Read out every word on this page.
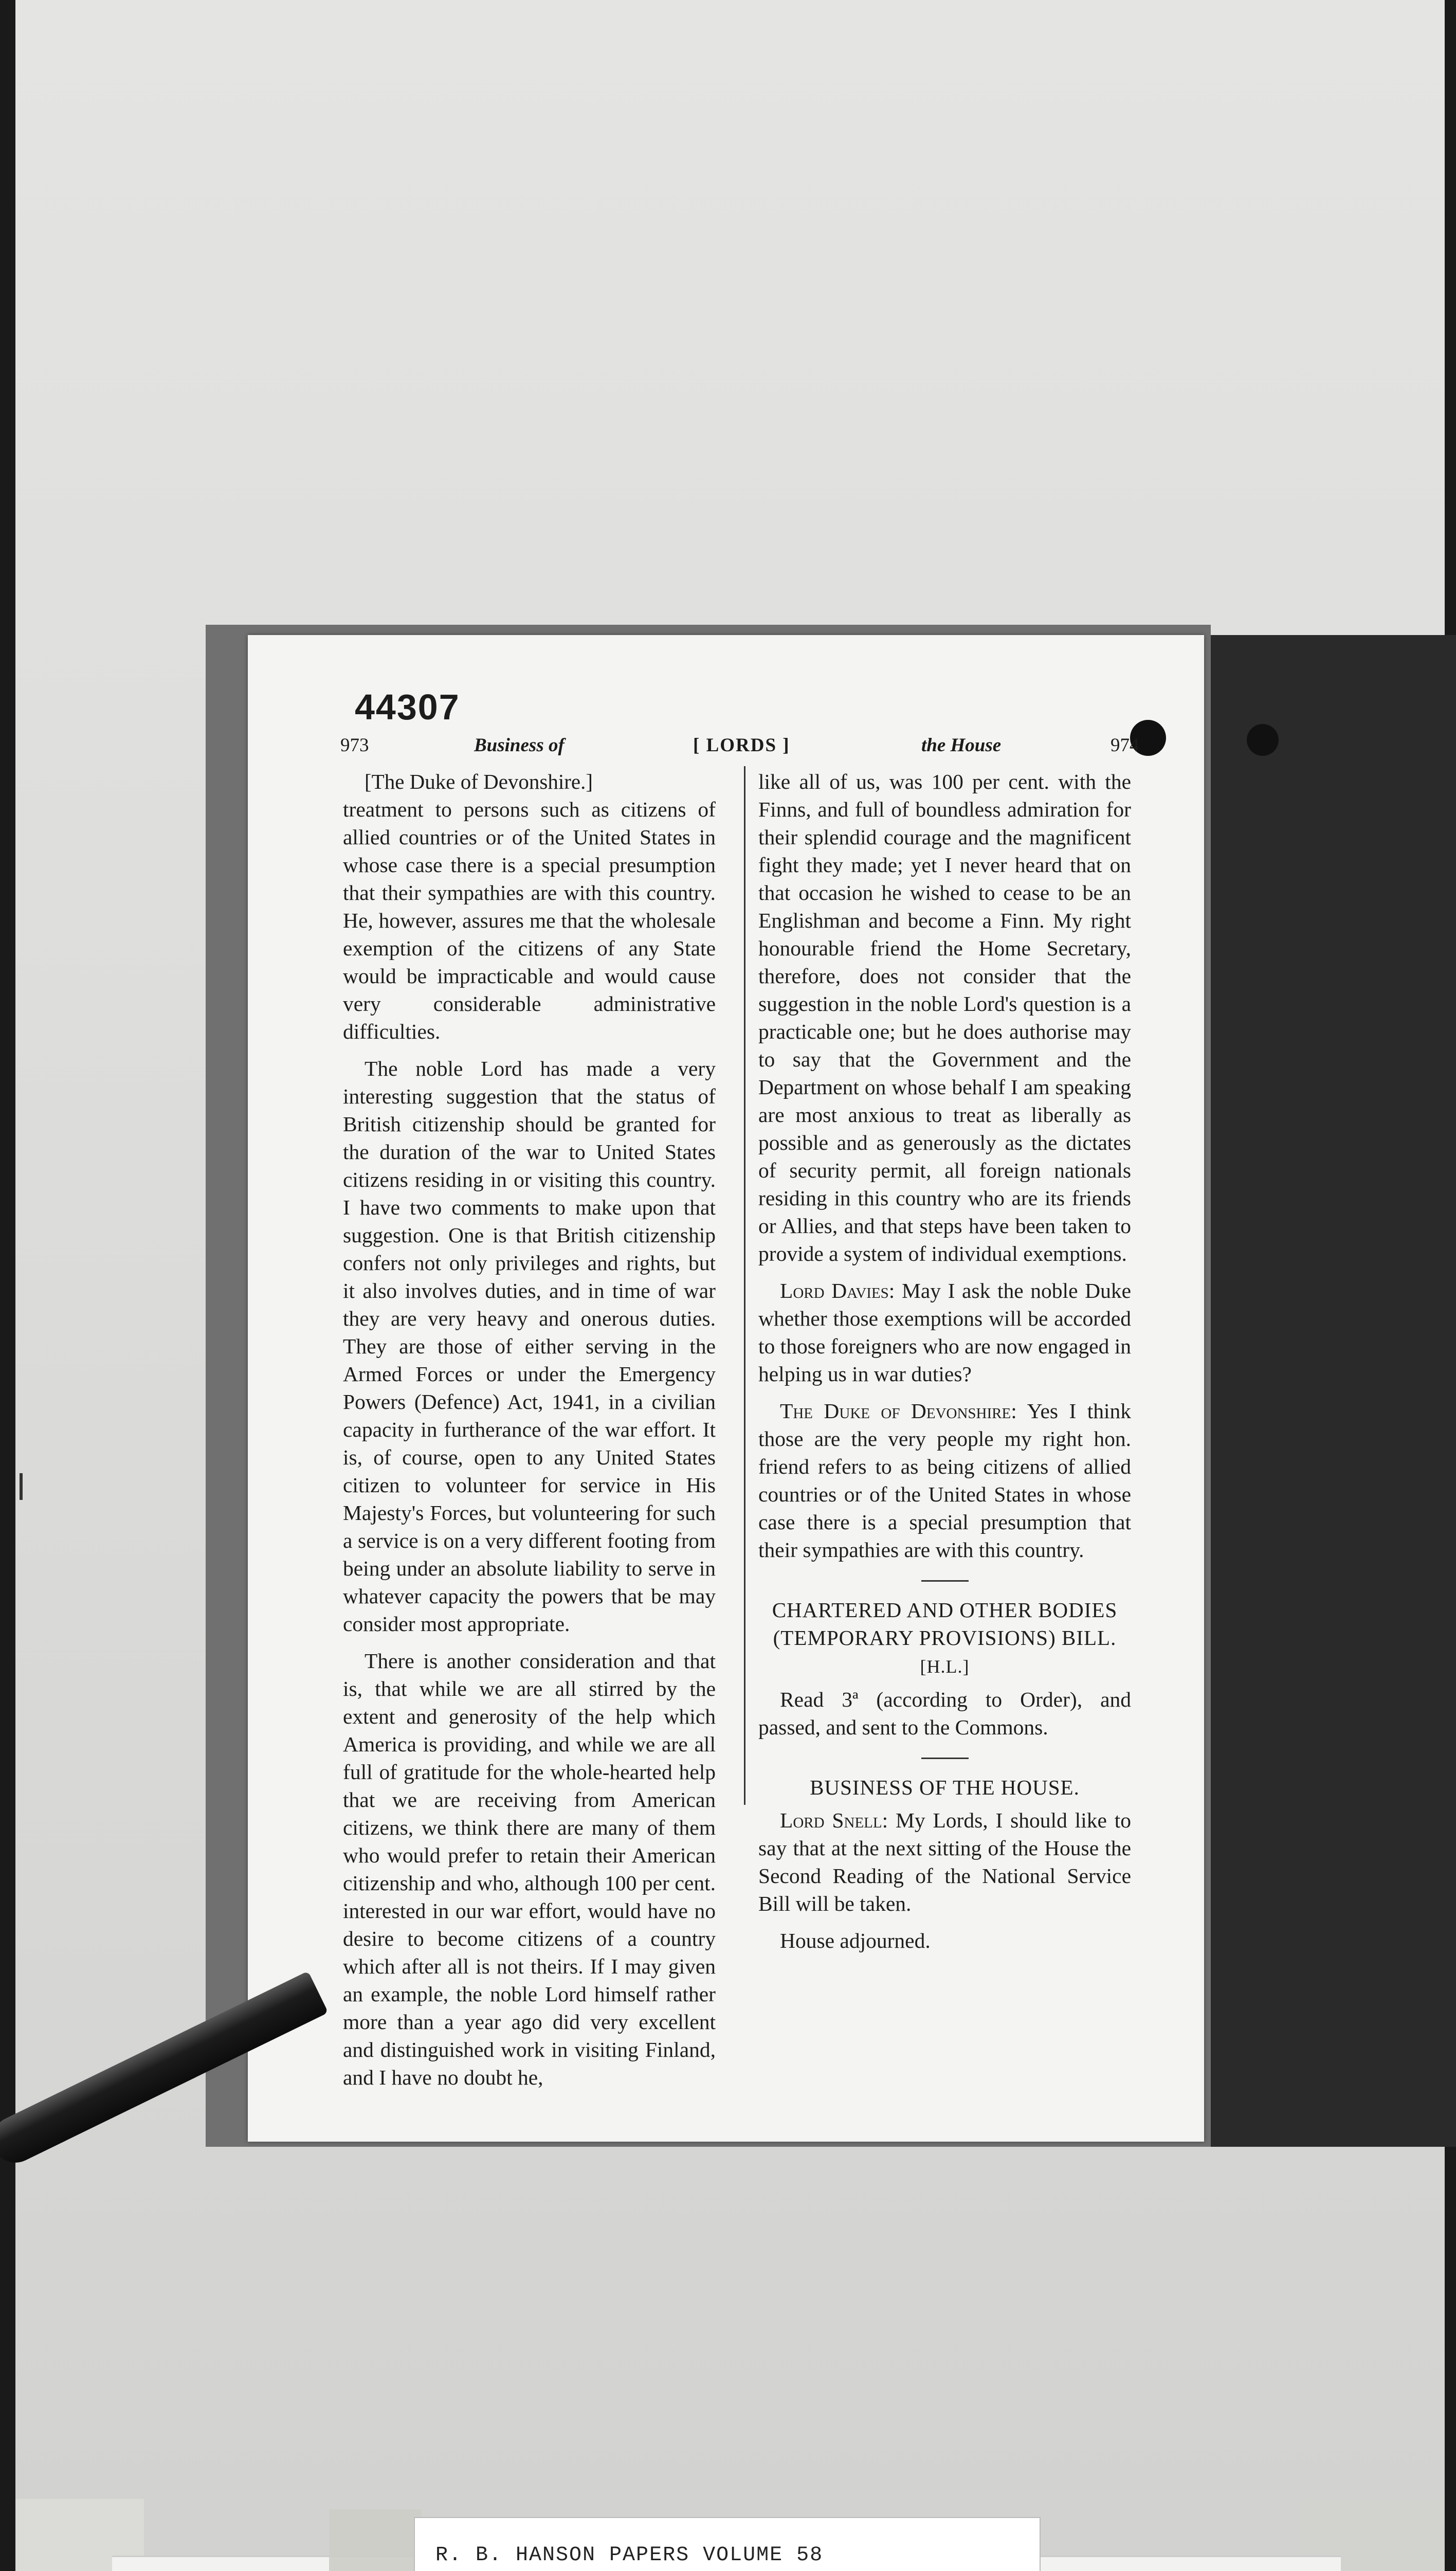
44307
973	Business of	[ LORDS ]	the House	974
[The Duke of Devonshire.]

treatment to persons such as citizens of allied countries or of the United States in whose case there is a special presumption that their sympathies are with this country. He, however, assures me that the wholesale exemption of the citizens of any State would be impracticable and would cause very considerable administrative difficulties.

The noble Lord has made a very interesting suggestion that the status of British citizenship should be granted for the duration of the war to United States citizens residing in or visiting this country. I have two comments to make upon that suggestion. One is that British citizenship confers not only privileges and rights, but it also involves duties, and in time of war they are very heavy and onerous duties. They are those of either serving in the Armed Forces or under the Emergency Powers (Defence) Act, 1941, in a civilian capacity in furtherance of the war effort. It is, of course, open to any United States citizen to volunteer for service in His Majesty's Forces, but volunteering for such a service is on a very different footing from being under an absolute liability to serve in whatever capacity the powers that be may consider most appropriate.

There is another consideration and that is, that while we are all stirred by the extent and generosity of the help which America is providing, and while we are all full of gratitude for the whole-hearted help that we are receiving from American citizens, we think there are many of them who would prefer to retain their American citizenship and who, although 100 per cent. interested in our war effort, would have no desire to become citizens of a country which after all is not theirs. If I may given an example, the noble Lord himself rather more than a year ago did very excellent and distinguished work in visiting Finland, and I have no doubt he,

like all of us, was 100 per cent. with the Finns, and full of boundless admiration for their splendid courage and the magnificent fight they made; yet I never heard that on that occasion he wished to cease to be an Englishman and become a Finn. My right honourable friend the Home Secretary, therefore, does not consider that the suggestion in the noble Lord's question is a practicable one; but he does authorise may to say that the Government and the Department on whose behalf I am speaking are most anxious to treat as liberally as possible and as generously as the dictates of security permit, all foreign nationals residing in this country who are its friends or Allies, and that steps have been taken to provide a system of individual exemptions.

Lord Davies: May I ask the noble Duke whether those exemptions will be accorded to those foreigners who are now engaged in helping us in war duties?

The Duke of Devonshire: Yes I think those are the very people my right hon. friend refers to as being citizens of allied countries or of the United States in whose case there is a special presumption that their sympathies are with this country.

CHARTERED AND OTHER BODIES (TEMPORARY PROVISIONS) BILL. [H.L.]

Read 3ª (according to Order), and passed, and sent to the Commons.

BUSINESS OF THE HOUSE.

Lord Snell: My Lords, I should like to say that at the next sitting of the House the Second Reading of the National Service Bill will be taken.

House adjourned.

R. B. HANSON PAPERS VOLUME 58
